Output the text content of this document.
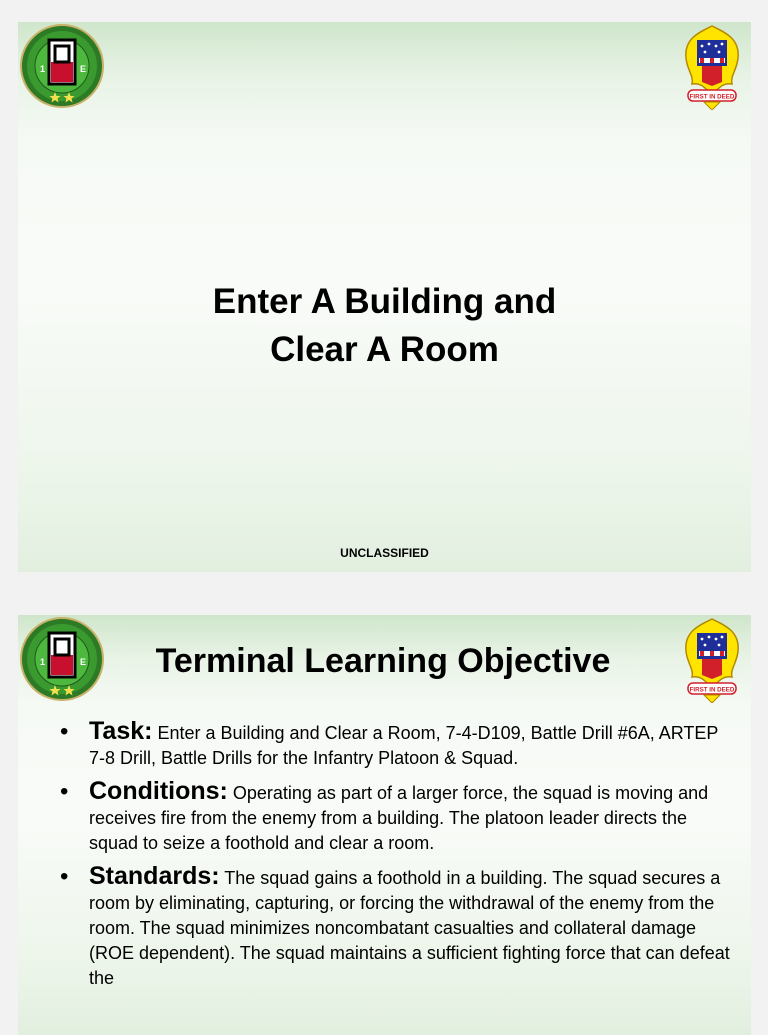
1	E
FIRST IN DEED
Enter A Building and
Clear A Room
UNCLASSIFIED
1	E
FIRST IN DEED
Terminal Learning Objective
• Task: Enter a Building and Clear a Room, 7-4-D109, Battle Drill #6A, ARTEP 7-8 Drill, Battle Drills for the Infantry Platoon & Squad.
• Conditions: Operating as part of a larger force, the squad is moving and receives fire from the enemy from a building. The platoon leader directs the squad to seize a foothold and clear a room.
• Standards: The squad gains a foothold in a building. The squad secures a room by eliminating, capturing, or forcing the withdrawal of the enemy from the room. The squad minimizes noncombatant casualties and collateral damage (ROE dependent). The squad maintains a sufficient fighting force that can defeat the
